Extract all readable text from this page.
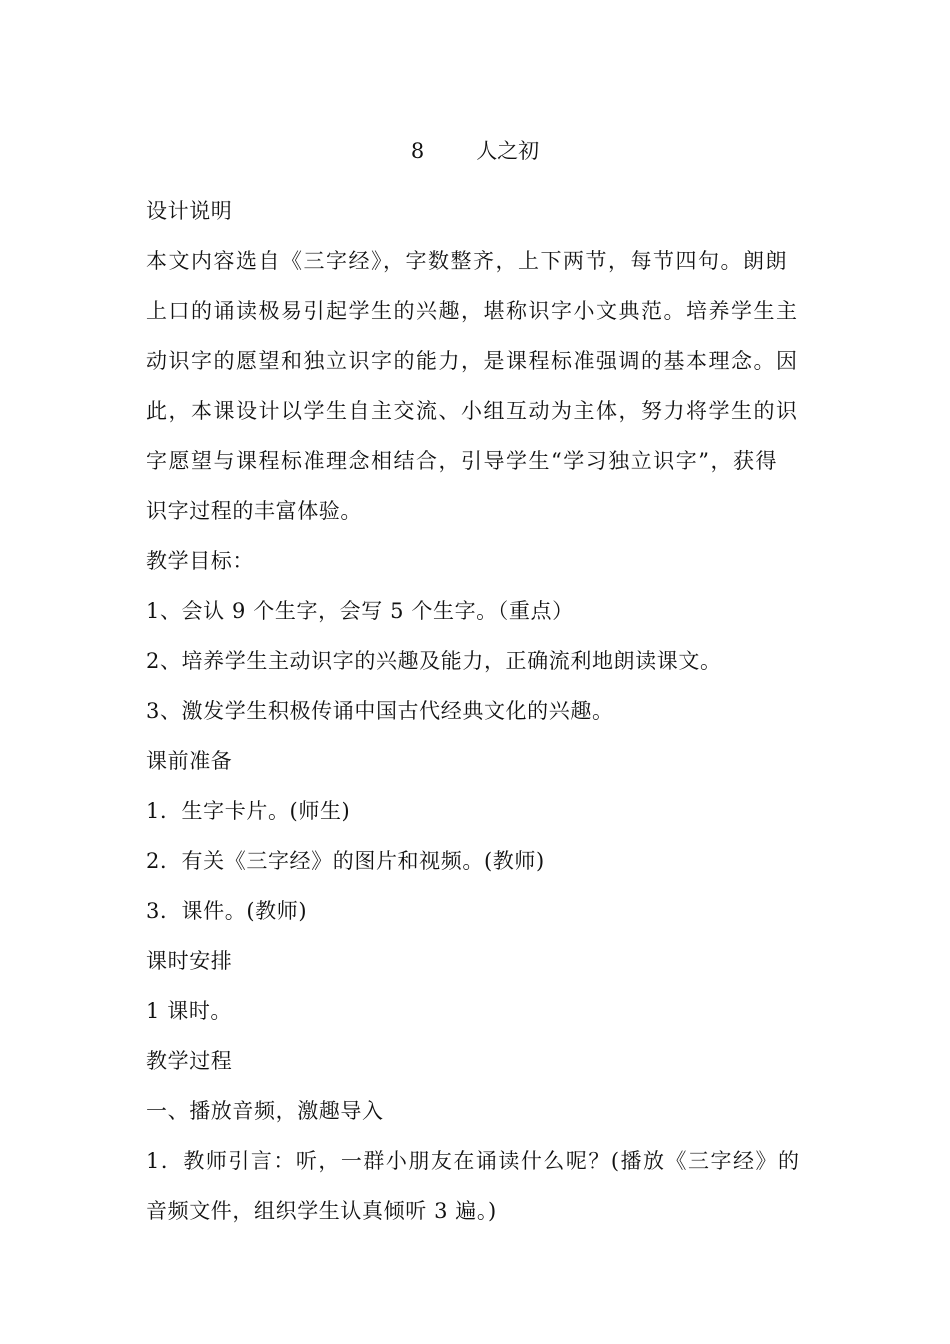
8 人之初
设计说明
本文内容选自《三字经》，字数整齐，上下两节，每节四句。朗朗
上口的诵读极易引起学生的兴趣，堪称识字小文典范。培养学生主
动识字的愿望和独立识字的能力，是课程标准强调的基本理念。因
此，本课设计以学生自主交流、小组互动为主体，努力将学生的识
字愿望与课程标准理念相结合，引导学生“学习独立识字”，获得
识字过程的丰富体验。
教学目标：
1、会认 9 个生字，会写 5 个生字。（重点）
2、培养学生主动识字的兴趣及能力，正确流利地朗读课文。
3、激发学生积极传诵中国古代经典文化的兴趣。
课前准备
1．生字卡片。(师生)
2．有关《三字经》的图片和视频。(教师)
3．课件。(教师)
课时安排
1 课时。
教学过程
一、播放音频，激趣导入
1．教师引言：听，一群小朋友在诵读什么呢？(播放《三字经》的
音频文件，组织学生认真倾听 3 遍。)
